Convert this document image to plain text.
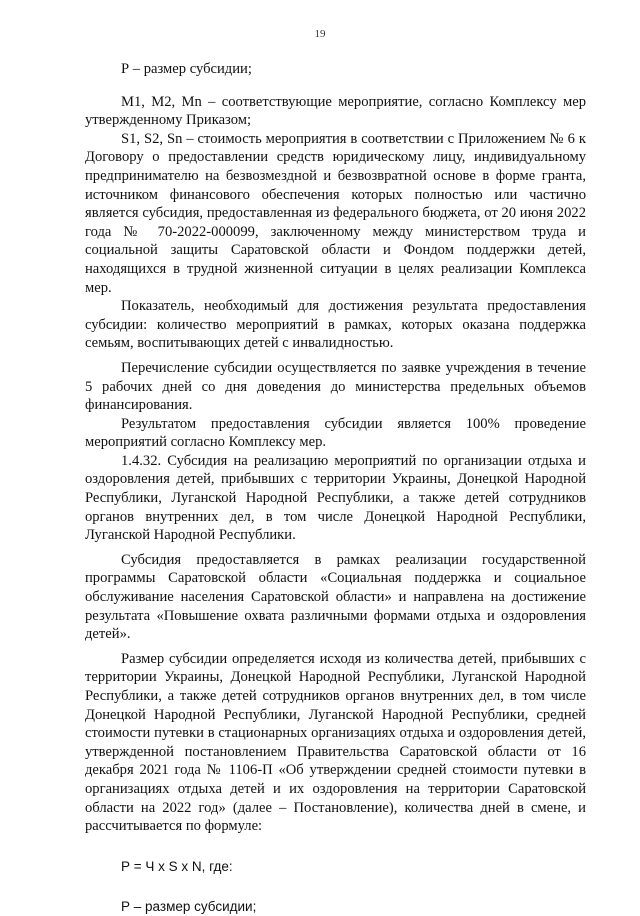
19

Р – размер субсидии;

M1, М2, Мn – соответствующие мероприятие, согласно Комплексу мер утвержденному Приказом;

S1, S2, Sn – стоимость мероприятия в соответствии с Приложением № 6 к Договору о предоставлении средств юридическому лицу, индивидуальному предпринимателю на безвозмездной и безвозвратной основе в форме гранта, источником финансового обеспечения которых полностью или частично является субсидия, предоставленная из федерального бюджета, от 20 июня 2022 года № 70-2022-000099, заключенному между министерством труда и социальной защиты Саратовской области и Фондом поддержки детей, находящихся в трудной жизненной ситуации в целях реализации Комплекса мер.

Показатель, необходимый для достижения результата предоставления субсидии: количество мероприятий в рамках, которых оказана поддержка семьям, воспитывающих детей с инвалидностью.

Перечисление субсидии осуществляется по заявке учреждения в течение 5 рабочих дней со дня доведения до министерства предельных объемов финансирования.

Результатом предоставления субсидии является 100% проведение мероприятий согласно Комплексу мер.

1.4.32. Субсидия на реализацию мероприятий по организации отдыха и оздоровления детей, прибывших с территории Украины, Донецкой Народной Республики, Луганской Народной Республики, а также детей сотрудников органов внутренних дел, в том числе Донецкой Народной Республики, Луганской Народной Республики.

Субсидия предоставляется в рамках реализации государственной программы Саратовской области «Социальная поддержка и социальное обслуживание населения Саратовской области» и направлена на достижение результата «Повышение охвата различными формами отдыха и оздоровления детей».

Размер субсидии определяется исходя из количества детей, прибывших с территории Украины, Донецкой Народной Республики, Луганской Народной Республики, а также детей сотрудников органов внутренних дел, в том числе Донецкой Народной Республики, Луганской Народной Республики, средней стоимости путевки в стационарных организациях отдыха и оздоровления детей, утвержденной постановлением Правительства Саратовской области от 16 декабря 2021 года № 1106-П «Об утверждении средней стоимости путевки в организациях отдыха детей и их оздоровления на территории Саратовской области на 2022 год» (далее – Постановление), количества дней в смене, и рассчитывается по формуле:

Р = Ч х S х N, где:

Р – размер субсидии;
